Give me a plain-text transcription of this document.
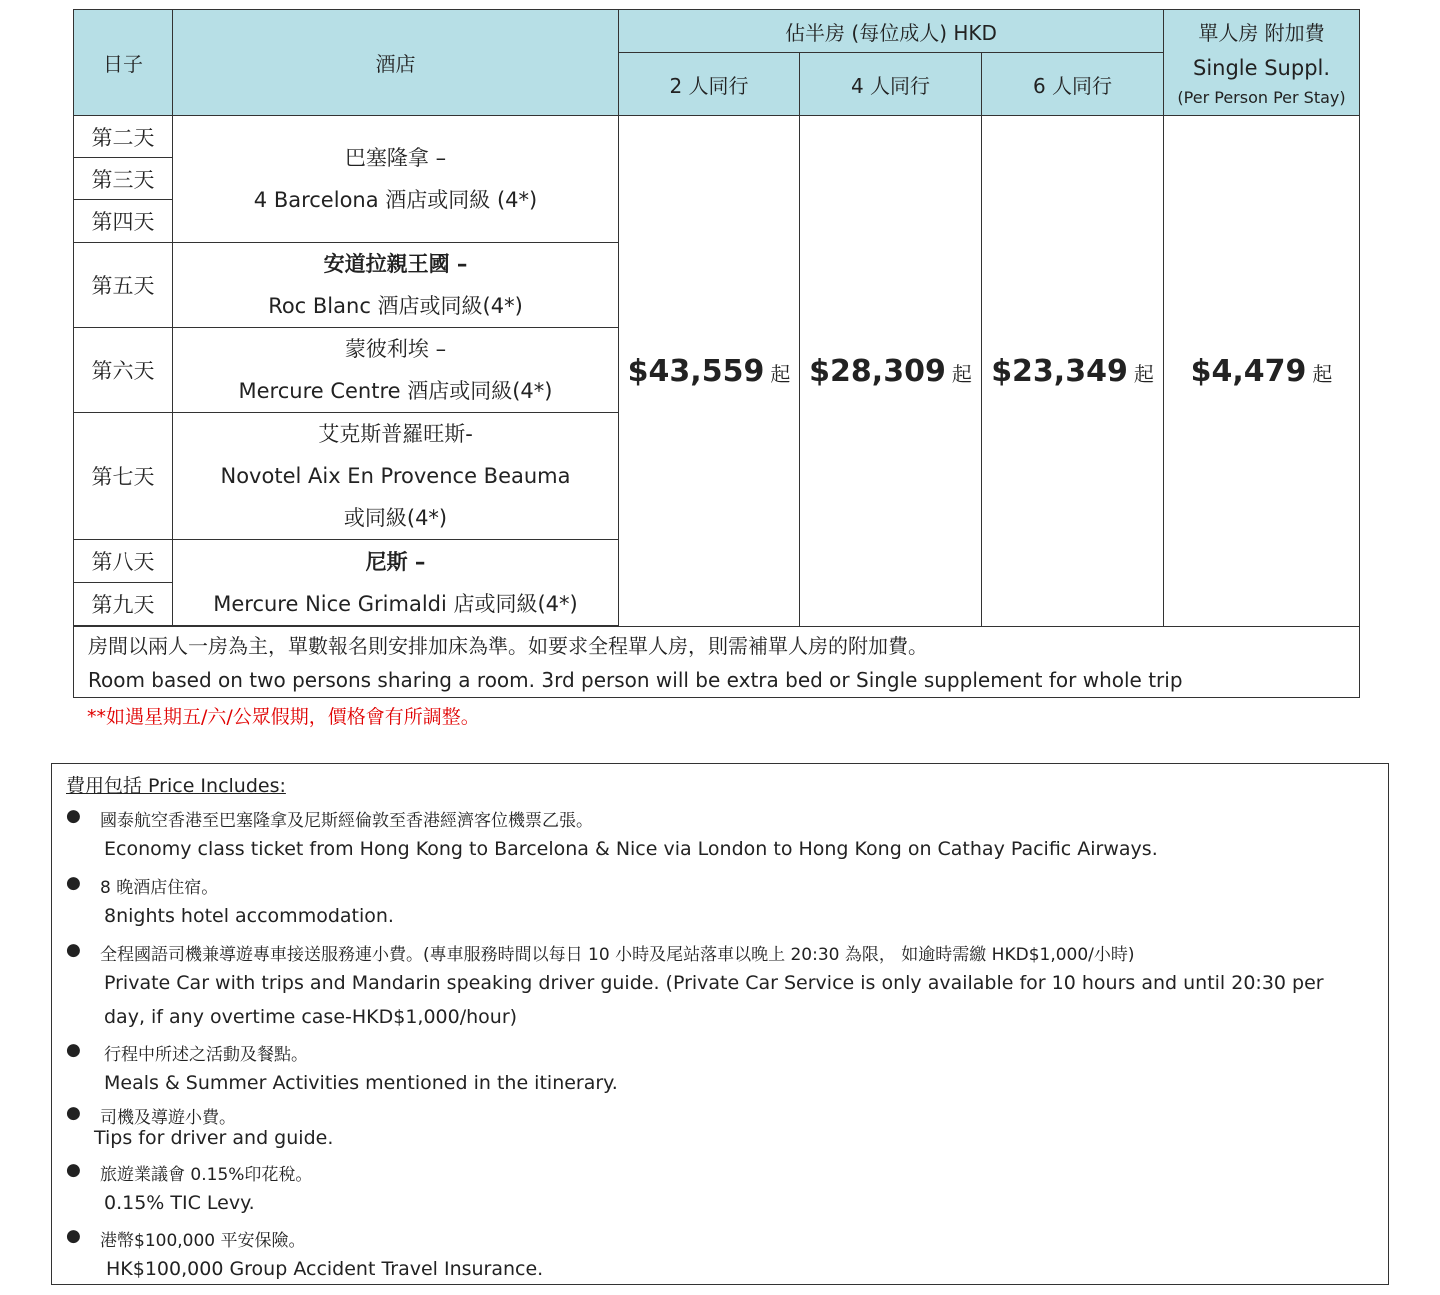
日子	酒店	佔半房 (每位成人) HKD			單人房 附加費
Single Suppl.
(Per Person Per Stay)

		2 人同行	4 人同行	6 人同行	
第二天	巴塞隆拿 –
4 Barcelona 酒店或同級 (4*)	$43,559 起	$28,309 起	$23,349 起	$4,479 起
第三天					
第四天					
第五天	安道拉親王國 –
Roc Blanc 酒店或同級(4*)				

第六天	蒙彼利埃 –
Mercure Centre 酒店或同級(4*)				

第七天	艾克斯普羅旺斯-
Novotel Aix En Provence Beauma
或同級(4*)				

第八天	尼斯 –
Mercure Nice Grimaldi 店或同級(4*)				

第九天					

房間以兩人一房為主，單數報名則安排加床為準。如要求全程單人房，則需補單人房的附加費。
Room based on two persons sharing a room. 3rd person will be extra bed or Single supplement for whole trip					
**如遇星期五/六/公眾假期，價格會有所調整。
費用包括 Price Includes:
● 國泰航空香港至巴塞隆拿及尼斯經倫敦至香港經濟客位機票乙張。
Economy class ticket from Hong Kong to Barcelona & Nice via London to Hong Kong on Cathay Pacific Airways.
● 8 晚酒店住宿。
8nights hotel accommodation.
● 全程國語司機兼導遊專車接送服務連小費。(專車服務時間以每日 10 小時及尾站落車以晚上 20:30 為限， 如逾時需繳 HKD$1,000/小時)
Private Car with trips and Mandarin speaking driver guide. (Private Car Service is only available for 10 hours and until 20:30 per day, if any overtime case-HKD$1,000/hour)
● 行程中所述之活動及餐點。
Meals & Summer Activities mentioned in the itinerary.
● 司機及導遊小費。
Tips for driver and guide.
● 旅遊業議會 0.15%印花稅。
0.15% TIC Levy.
● 港幣$100,000 平安保險。
HK$100,000 Group Accident Travel Insurance.
